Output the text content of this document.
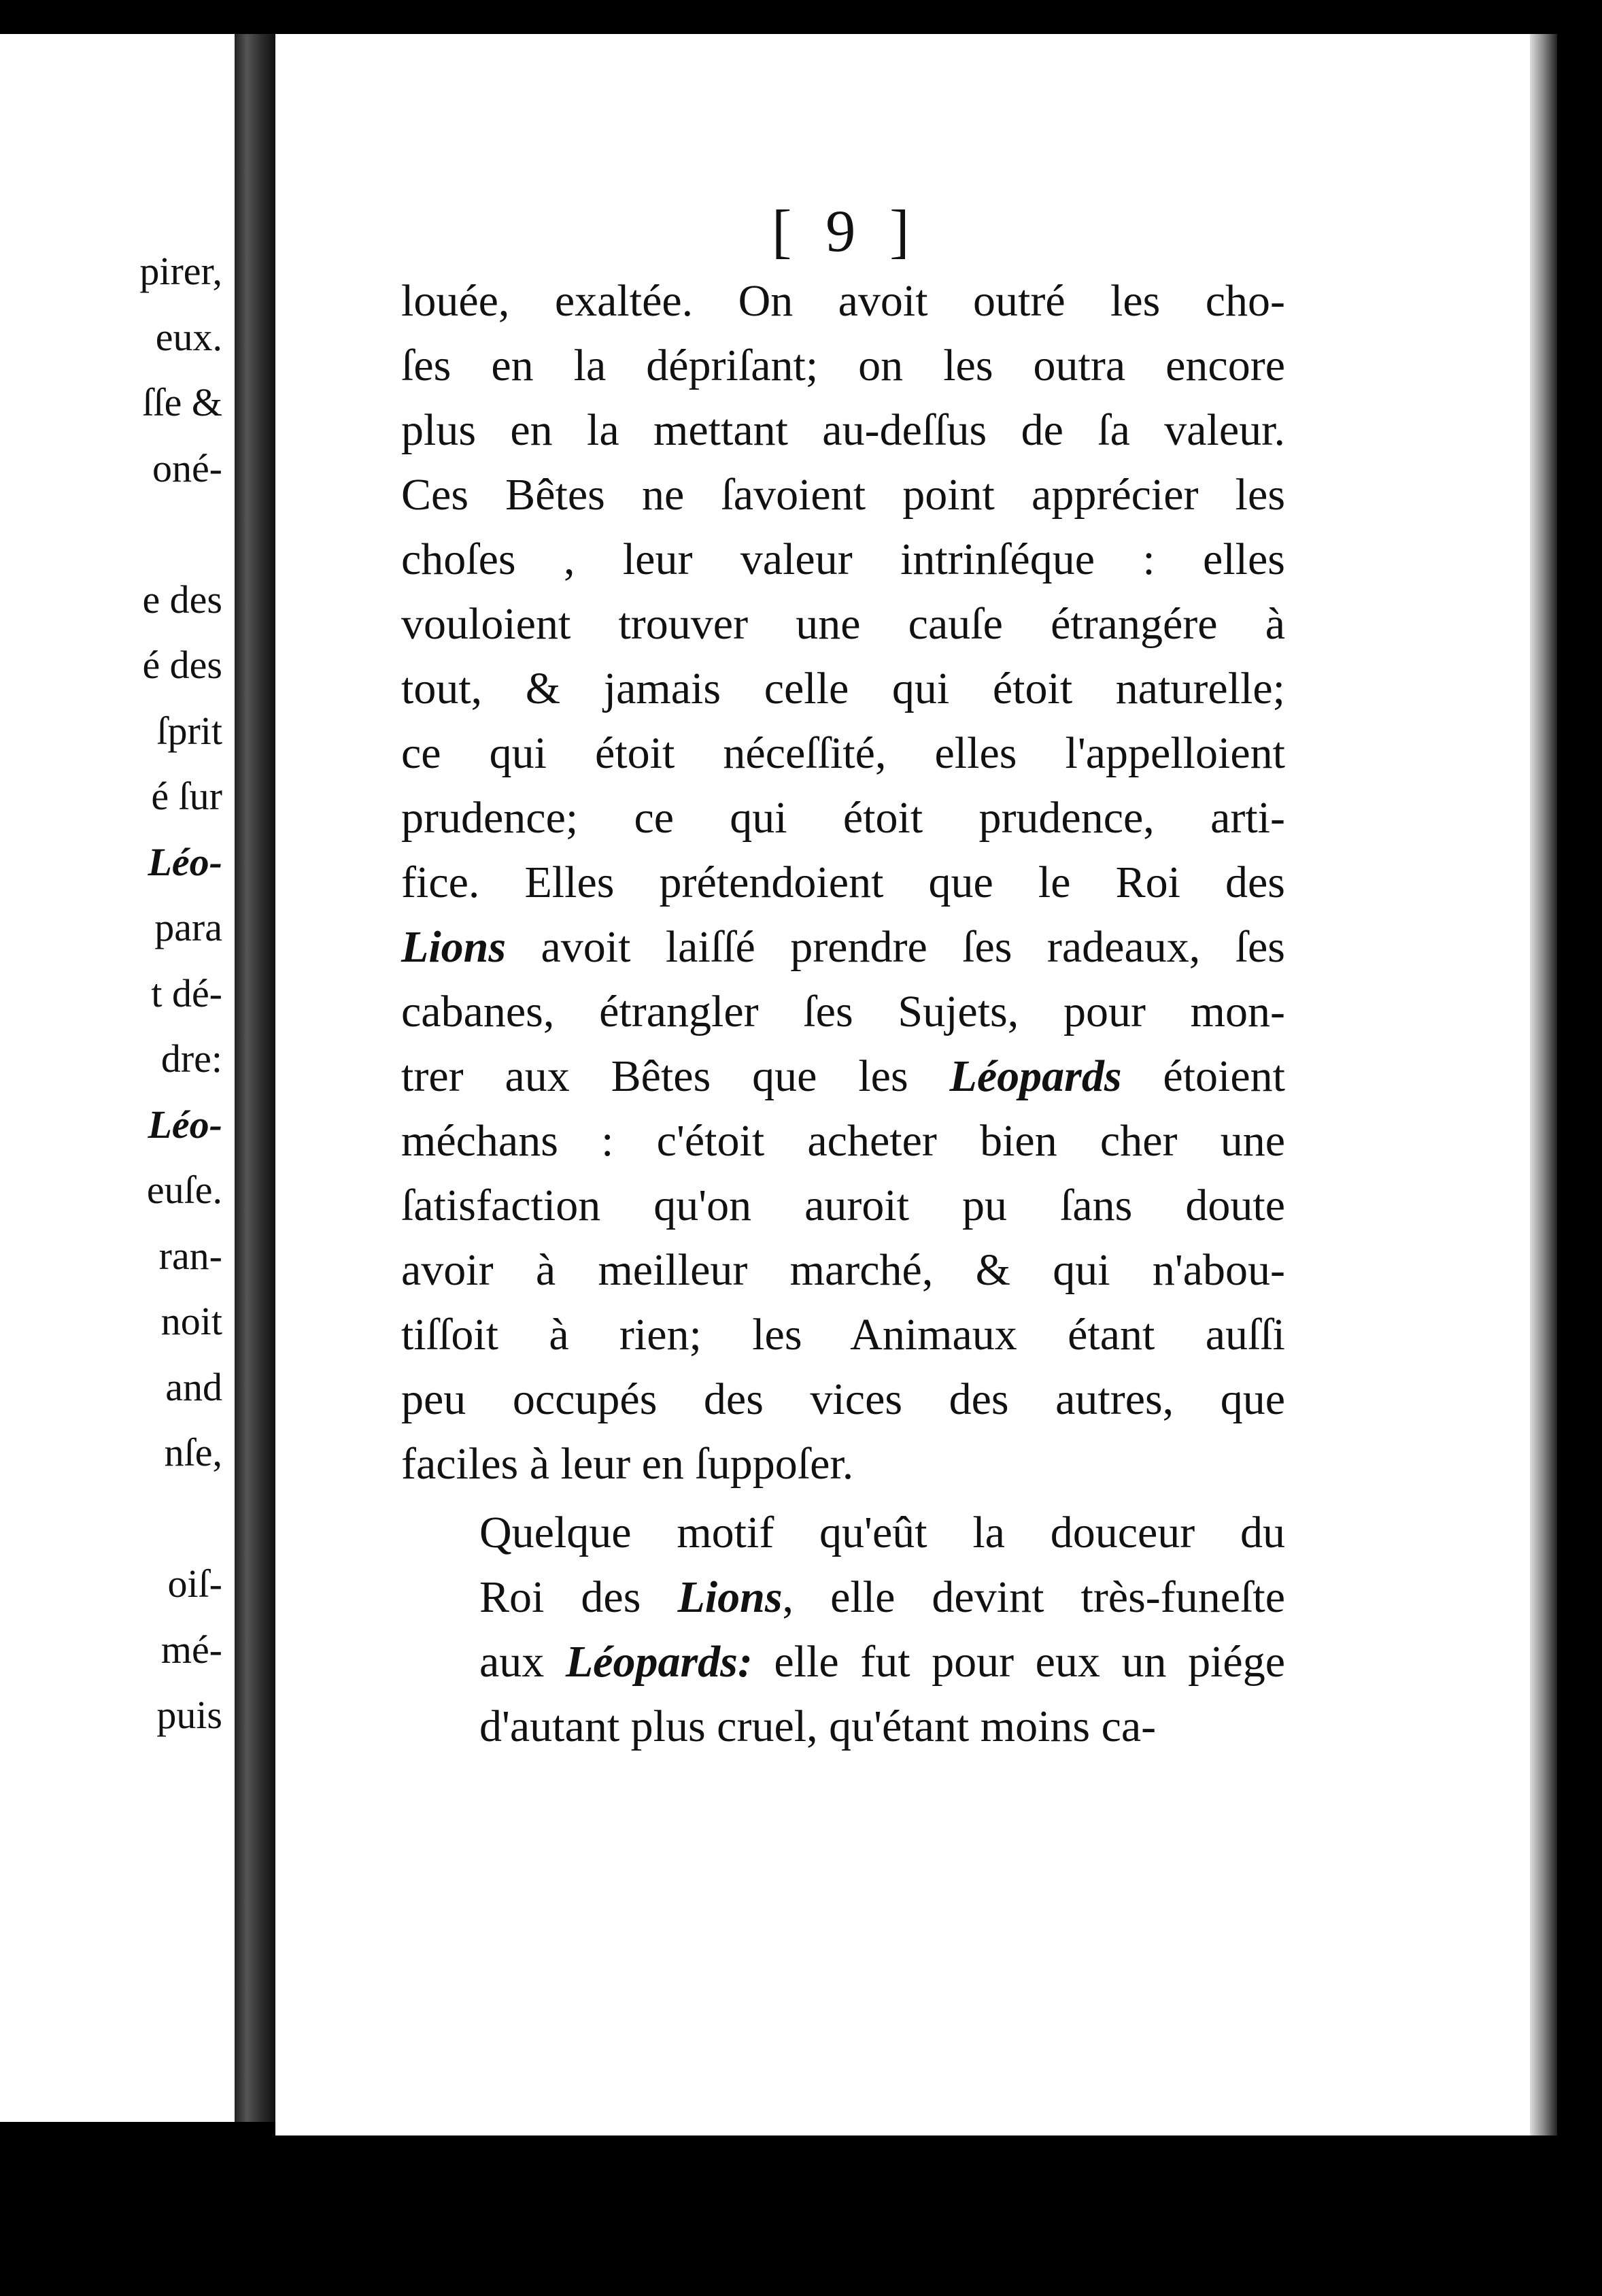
pirer,
eux.
ſſe &
oné-
e des
é des
ſprit
é ſur
Léo-
para
t dé-
dre:
Léo-
euſe.
ran-
noit
and
nſe,
oiſ-
mé-
puis
[ 9 ]

louée, exaltée. On avoit outré les cho-

ſes en la dépriſant; on les outra encore

plus en la mettant au-deſſus de ſa valeur.

Ces Bêtes ne ſavoient point apprécier les

choſes , leur valeur intrinſéque : elles

vouloient trouver une cauſe étrangére à

tout, & jamais celle qui étoit naturelle;

ce qui étoit néceſſité, elles l'appelloient

prudence; ce qui étoit prudence, arti-

fice. Elles prétendoient que le Roi des

Lions avoit laiſſé prendre ſes radeaux, ſes

cabanes, étrangler ſes Sujets, pour mon-

trer aux Bêtes que les Léopards étoient

méchans : c'étoit acheter bien cher une

ſatisfaction qu'on auroit pu ſans doute

avoir à meilleur marché, & qui n'abou-

tiſſoit à rien; les Animaux étant auſſi

peu occupés des vices des autres, que

faciles à leur en ſuppoſer.

Quelque motif qu'eût la douceur du

Roi des Lions, elle devint très-funeſte

aux Léopards: elle fut pour eux un piége

d'autant plus cruel, qu'étant moins ca-
